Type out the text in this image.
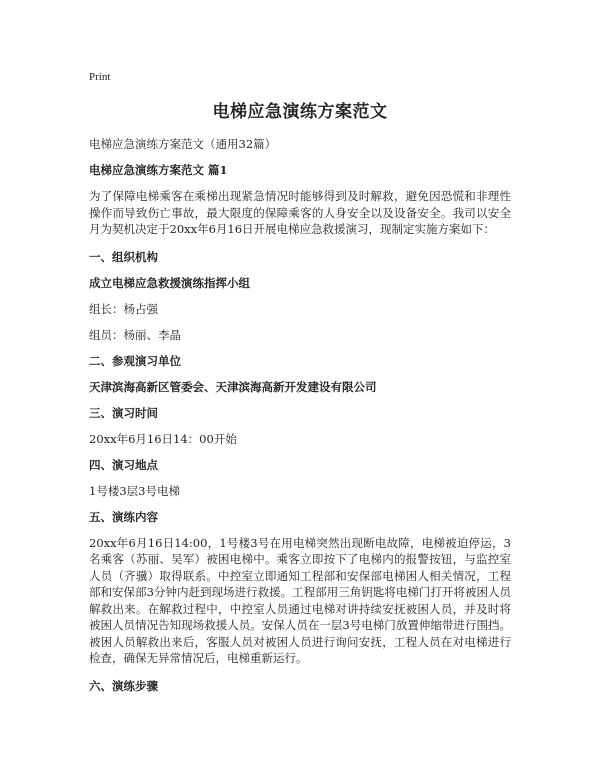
Print
电梯应急演练方案范文
电梯应急演练方案范文（通用32篇）
电梯应急演练方案范文 篇1
为了保障电梯乘客在乘梯出现紧急情况时能够得到及时解救，避免因恐慌和非理性操作而导致伤亡事故，最大限度的保障乘客的人身安全以及设备安全。我司以安全月为契机决定于20xx年6月16日开展电梯应急救援演习，现制定实施方案如下：
一、组织机构
成立电梯应急救援演练指挥小组
组长：杨占强
组员：杨丽、李晶
二、参观演习单位
天津滨海高新区管委会、天津滨海高新开发建设有限公司
三、演习时间
20xx年6月16日14：00开始
四、演习地点
1号楼3层3号电梯
五、演练内容
20xx年6月16日14:00，1号楼3号在用电梯突然出现断电故障，电梯被迫停运，3名乘客（苏丽、吴军）被困电梯中。乘客立即按下了电梯内的报警按钮，与监控室人员（齐骥）取得联系。中控室立即通知工程部和安保部电梯困人相关情况，工程部和安保部3分钟内赶到现场进行救援。工程部用三角钥匙将电梯门打开将被困人员解救出来。在解救过程中，中控室人员通过电梯对讲持续安抚被困人员，并及时将被困人员情况告知现场救援人员。安保人员在一层3号电梯门放置伸缩带进行围挡。被困人员解救出来后，客服人员对被困人员进行询问安抚，工程人员在对电梯进行检查，确保无异常情况后，电梯重新运行。
六、演练步骤
